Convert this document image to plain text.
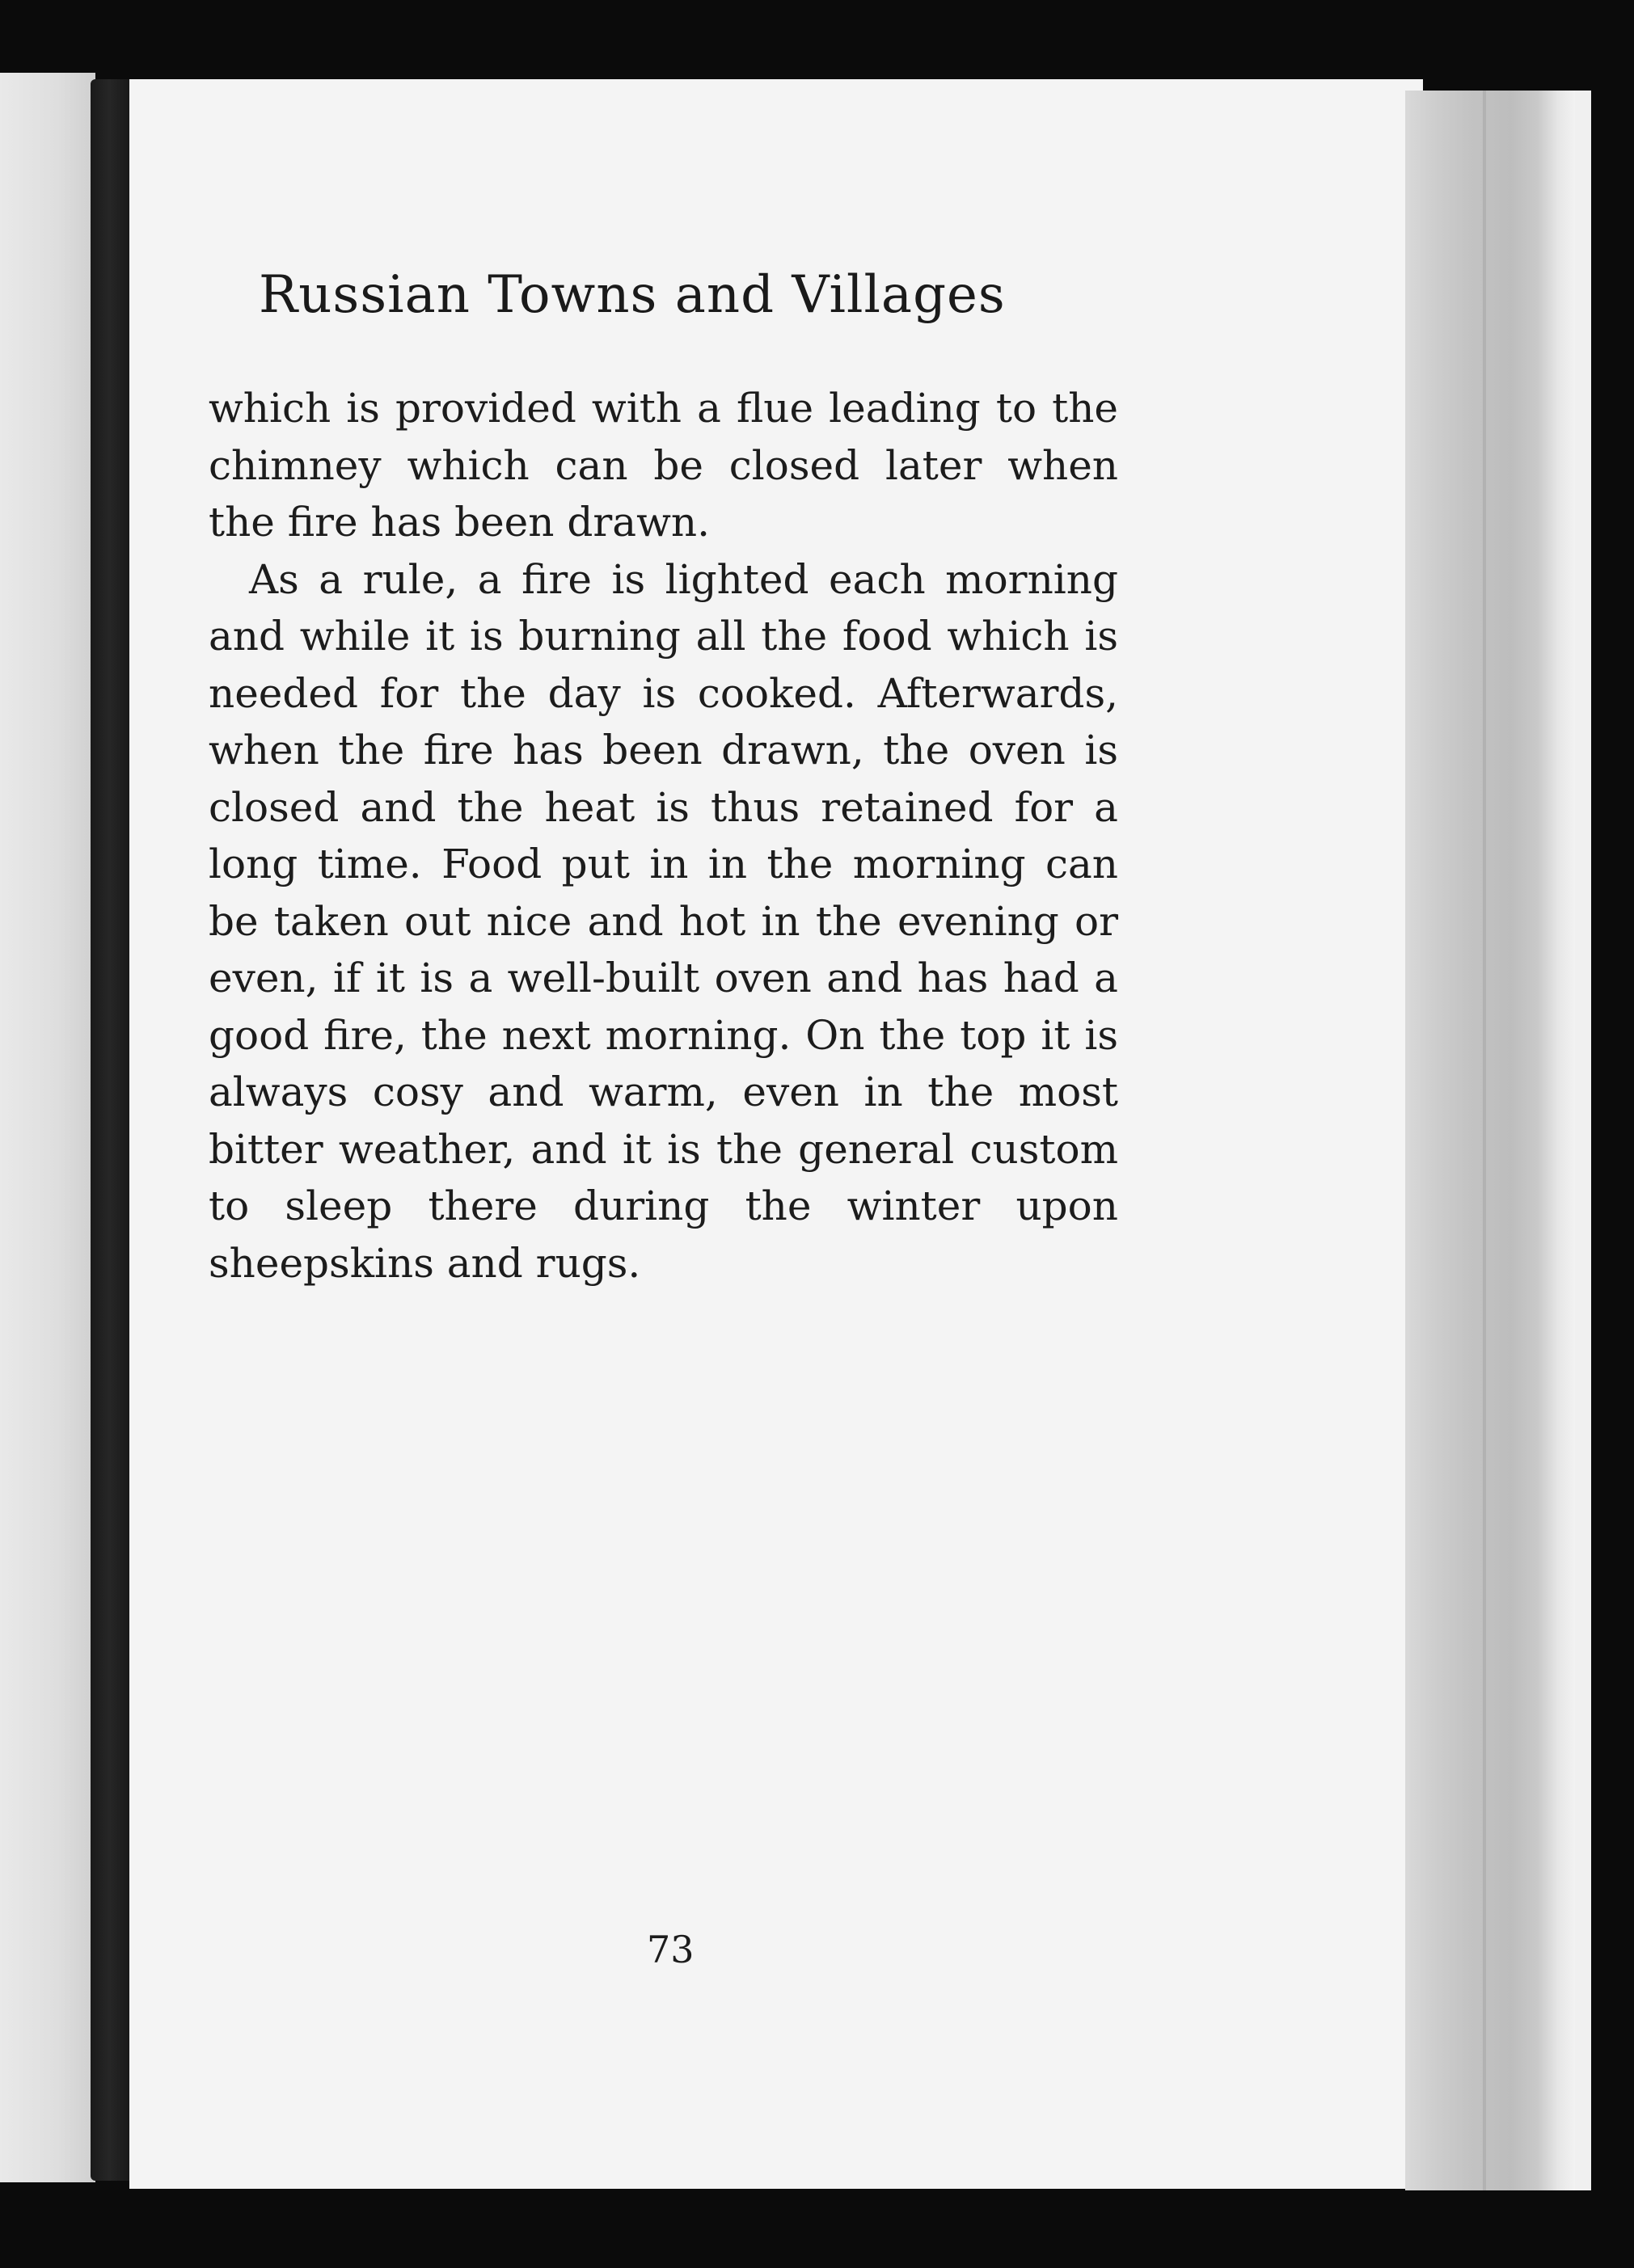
Russian Towns and Villages

which is provided with a flue leading to the chimney which can be closed later when the fire has been drawn.

As a rule, a fire is lighted each morning and while it is burning all the food which is needed for the day is cooked. Afterwards, when the fire has been drawn, the oven is closed and the heat is thus retained for a long time. Food put in in the morning can be taken out nice and hot in the evening or even, if it is a well-built oven and has had a good fire, the next morning. On the top it is always cosy and warm, even in the most bitter weather, and it is the general custom to sleep there during the winter upon sheepskins and rugs.

73
